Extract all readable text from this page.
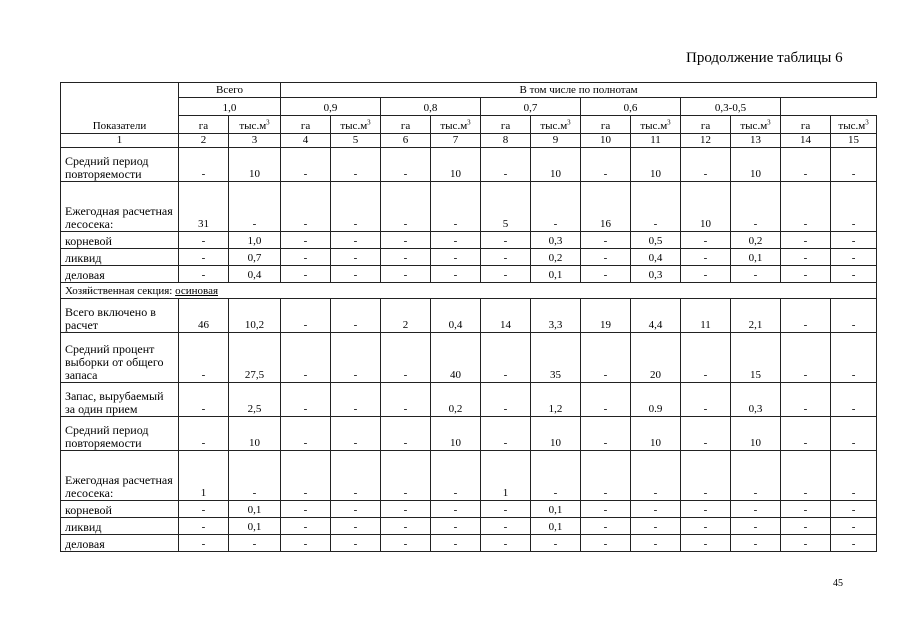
Продолжение таблицы 6
Показатели	Всего		В том числе по полнотам											
	1,0		0,9		0,8		0,7		0,6		0,3-0,5			
	га	$тыс.м^3$	га	$тыс.м^3$	га	$тыс.м^3$	га	$тыс.м^3$	га	$тыс.м^3$	га	$тыс.м^3$	га	$тыс.м^3$
1	2	3	4	5	6	7	8	9	10	11	12	13	14	15
Средний период повторяемости	-	10	-	-	-	10	-	10	-	10	-	10	-	-
Ежегодная расчетная лесосека:	31	-	-	-	-	-	5	-	16	-	10	-	-	-
корневой	-	1,0	-	-	-	-	-	0,3	-	0,5	-	0,2	-	-
ликвид	-	0,7	-	-	-	-	-	0,2	-	0,4	-	0,1	-	-
деловая	-	0,4	-	-	-	-	-	0,1	-	0,3	-	-	-	-
Хозяйственная секция: осиновая														
Всего включено в расчет	46	10,2	-	-	2	0,4	14	3,3	19	4,4	11	2,1	-	-
Средний процент выборки от общего запаса	-	27,5	-	-	-	40	-	35	-	20	-	15	-	-
Запас, вырубаемый за один прием	-	2,5	-	-	-	0,2	-	1,2	-	0.9	-	0,3	-	-
Средний период повторяемости	-	10	-	-	-	10	-	10	-	10	-	10	-	-
Ежегодная расчетная лесосека:	1	-	-	-	-	-	1	-	-	-	-	-	-	-
корневой	-	0,1	-	-	-	-	-	0,1	-	-	-	-	-	-
ликвид	-	0,1	-	-	-	-	-	0,1	-	-	-	-	-	-
деловая	-	-	-	-	-	-	-	-	-	-	-	-	-	-
45
